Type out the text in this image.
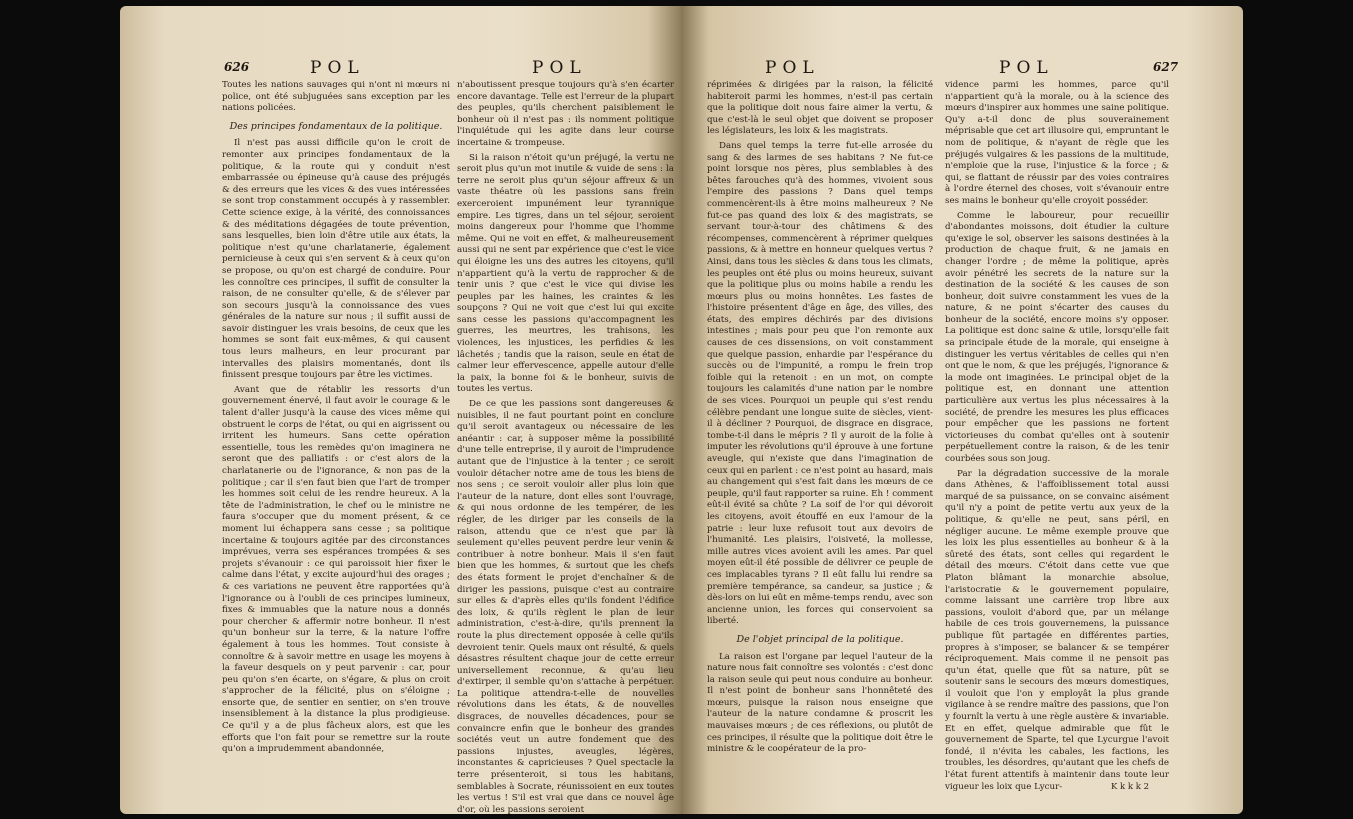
626	POL	POL

Toutes les nations sauvages qui n'ont ni mœurs ni police, ont été subjuguées sans exception par les nations policées.

Des principes fondamentaux de la politique.

Il n'est pas aussi difficile qu'on le croit de remonter aux principes fondamentaux de la politique, & la route qui y conduit n'est embarrassée ou épineuse qu'à cause des préjugés & des erreurs que les vices & des vues intéressées se sont trop constamment occupés à y rassembler. Cette science exige, à la vérité, des connoissances & des méditations dégagées de toute prévention, sans lesquelles, bien loin d'être utile aux états, la politique n'est qu'une charlatanerie, également pernicieuse à ceux qui s'en servent & à ceux qu'on se propose, ou qu'on est chargé de conduire. Pour les connoître ces principes, il suffit de consulter la raison, de ne consulter qu'elle, & de s'élever par son secours jusqu'à la connoissance des vues générales de la nature sur nous ; il suffit aussi de savoir distinguer les vrais besoins, de ceux que les hommes se sont fait eux-mêmes, & qui causent tous leurs malheurs, en leur procurant par intervalles des plaisirs momentanés, dont ils finissent presque toujours par être les victimes.

Avant que de rétablir les ressorts d'un gouvernement énervé, il faut avoir le courage & le talent d'aller jusqu'à la cause des vices même qui obstruent le corps de l'état, ou qui en aigrissent ou irritent les humeurs. Sans cette opération essentielle, tous les remèdes qu'on imaginera ne seront que des palliatifs : or c'est alors de la charlatanerie ou de l'ignorance, & non pas de la politique ; car il s'en faut bien que l'art de tromper les hommes soit celui de les rendre heureux. A la tête de l'administration, le chef ou le ministre ne faura s'occuper que du moment présent, & ce moment lui échappera sans cesse ; sa politique incertaine & toujours agitée par des circonstances imprévues, verra ses espérances trompées & ses projets s'évanouir : ce qui paroissoit hier fixer le calme dans l'état, y excite aujourd'hui des orages ; & ces variations ne peuvent être rapportées qu'à l'ignorance ou à l'oubli de ces principes lumineux, fixes & immuables que la nature nous a donnés pour chercher & affermir notre bonheur. Il n'est qu'un bonheur sur la terre, & la nature l'offre également à tous les hommes. Tout consiste à connoître & à savoir mettre en usage les moyens à la faveur desquels on y peut parvenir : car, pour peu qu'on s'en écarte, on s'égare, & plus on croit s'approcher de la félicité, plus on s'éloigne ; ensorte que, de sentier en sentier, on s'en trouve insensiblement à la distance la plus prodigieuse. Ce qu'il y a de plus fâcheux alors, est que les efforts que l'on fait pour se remettre sur la route qu'on a imprudemment abandonnée,

n'aboutissent presque toujours qu'à s'en écarter encore davantage. Telle est l'erreur de la plupart des peuples, qu'ils cherchent paisiblement le bonheur où il n'est pas : ils nomment politique l'inquiétude qui les agite dans leur course incertaine & trompeuse.

Si la raison n'étoit qu'un préjugé, la vertu ne seroit plus qu'un mot inutile & vuide de sens : la terre ne seroit plus qu'un séjour affreux & un vaste théatre où les passions sans frein exerceroient impunément leur tyrannique empire. Les tigres, dans un tel séjour, seroient moins dangereux pour l'homme que l'homme même. Qui ne voit en effet, & malheureusement aussi qui ne sent par expérience que c'est le vice qui éloigne les uns des autres les citoyens, qu'il n'appartient qu'à la vertu de rapprocher & de tenir unis ? que c'est le vice qui divise les peuples par les haines, les craintes & les soupçons ? Qui ne voit que c'est lui qui excite sans cesse les passions qu'accompagnent les guerres, les meurtres, les trahisons, les violences, les injustices, les perfidies & les lâchetés ; tandis que la raison, seule en état de calmer leur effervescence, appelle autour d'elle la paix, la bonne foi & le bonheur, suivis de toutes les vertus.

De ce que les passions sont dangereuses & nuisibles, il ne faut pourtant point en conclure qu'il seroit avantageux ou nécessaire de les anéantir : car, à supposer même la possibilité d'une telle entreprise, il y auroit de l'imprudence autant que de l'injustice à la tenter ; ce seroit vouloir détacher notre ame de tous les biens de nos sens ; ce seroit vouloir aller plus loin que l'auteur de la nature, dont elles sont l'ouvrage, & qui nous ordonne de les tempérer, de les régler, de les diriger par les conseils de la raison, attendu que ce n'est que par là seulement qu'elles peuvent perdre leur venin & contribuer à notre bonheur. Mais il s'en faut bien que les hommes, & surtout que les chefs des états forment le projet d'enchaîner & de diriger les passions, puisque c'est au contraire sur elles & d'après elles qu'ils fondent l'édifice des loix, & qu'ils règlent le plan de leur administration, c'est-à-dire, qu'ils prennent la route la plus directement opposée à celle qu'ils devroient tenir. Quels maux ont résulté, & quels désastres résultent chaque jour de cette erreur universellement reconnue, & qu'au lieu d'extirper, il semble qu'on s'attache à perpétuer. La politique attendra-t-elle de nouvelles révolutions dans les états, & de nouvelles disgraces, de nouvelles décadences, pour se convaincre enfin que le bonheur des grandes sociétés veut un autre fondement que des passions injustes, aveugles, légères, inconstantes & capricieuses ? Quel spectacle la terre présenteroit, si tous les habitans, semblables à Socrate, réunissoient en eux toutes les vertus ! S'il est vrai que dans ce nouvel âge d'or, où les passions seroient

POL	POL	627

réprimées & dirigées par la raison, la félicité habiteroit parmi les hommes, n'est-il pas certain que la politique doit nous faire aimer la vertu, & que c'est-là le seul objet que doivent se proposer les législateurs, les loix & les magistrats.

Dans quel temps la terre fut-elle arrosée du sang & des larmes de ses habitans ? Ne fut-ce point lorsque nos pères, plus semblables à des bêtes farouches qu'à des hommes, vivoient sous l'empire des passions ? Dans quel temps commencèrent-ils à être moins malheureux ? Ne fut-ce pas quand des loix & des magistrats, se servant tour-à-tour des châtimens & des récompenses, commencèrent à réprimer quelques passions, & à mettre en honneur quelques vertus ? Ainsi, dans tous les siècles & dans tous les climats, les peuples ont été plus ou moins heureux, suivant que la politique plus ou moins habile a rendu les mœurs plus ou moins honnêtes. Les fastes de l'histoire présentent d'âge en âge, des villes, des états, des empires déchirés par des divisions intestines ; mais pour peu que l'on remonte aux causes de ces dissensions, on voit constamment que quelque passion, enhardie par l'espérance du succès ou de l'impunité, a rompu le frein trop foible qui la retenoit : en un mot, on compte toujours les calamités d'une nation par le nombre de ses vices. Pourquoi un peuple qui s'est rendu célèbre pendant une longue suite de siècles, vient-il à décliner ? Pourquoi, de disgrace en disgrace, tombe-t-il dans le mépris ? Il y auroit de la folie à imputer les révolutions qu'il éprouve à une fortune aveugle, qui n'existe que dans l'imagination de ceux qui en parlent : ce n'est point au hasard, mais au changement qui s'est fait dans les mœurs de ce peuple, qu'il faut rapporter sa ruine. Eh ! comment eût-il évité sa chûte ? La soif de l'or qui dévoroit les citoyens, avoit étouffé en eux l'amour de la patrie : leur luxe refusoit tout aux devoirs de l'humanité. Les plaisirs, l'oisiveté, la mollesse, mille autres vices avoient avili les ames. Par quel moyen eût-il été possible de délivrer ce peuple de ces implacables tyrans ? Il eût fallu lui rendre sa première tempérance, sa candeur, sa justice ; & dès-lors on lui eût en même-temps rendu, avec son ancienne union, les forces qui conservoient sa liberté.

De l'objet principal de la politique.

La raison est l'organe par lequel l'auteur de la nature nous fait connoître ses volontés : c'est donc la raison seule qui peut nous conduire au bonheur. Il n'est point de bonheur sans l'honnêteté des mœurs, puisque la raison nous enseigne que l'auteur de la nature condamne & proscrit les mauvaises mœurs ; de ces réflexions, ou plutôt de ces principes, il résulte que la politique doit être le ministre & le coopérateur de la pro-

vidence parmi les hommes, parce qu'il n'appartient qu'à la morale, ou à la science des mœurs d'inspirer aux hommes une saine politique. Qu'y a-t-il donc de plus souverainement méprisable que cet art illusoire qui, empruntant le nom de politique, & n'ayant de règle que les préjugés vulgaires & les passions de la multitude, n'emploie que la ruse, l'injustice & la force ; & qui, se flattant de réussir par des voies contraires à l'ordre éternel des choses, voit s'évanouir entre ses mains le bonheur qu'elle croyoit posséder.

Comme le laboureur, pour recueillir d'abondantes moissons, doit étudier la culture qu'exige le sol, observer les saisons destinées à la production de chaque fruit, & ne jamais en changer l'ordre ; de même la politique, après avoir pénétré les secrets de la nature sur la destination de la société & les causes de son bonheur, doit suivre constamment les vues de la nature, & ne point s'écarter des causes du bonheur de la société, encore moins s'y opposer. La politique est donc saine & utile, lorsqu'elle fait sa principale étude de la morale, qui enseigne à distinguer les vertus véritables de celles qui n'en ont que le nom, & que les préjugés, l'ignorance & la mode ont imaginées. Le principal objet de la politique est, en donnant une attention particulière aux vertus les plus nécessaires à la société, de prendre les mesures les plus efficaces pour empêcher que les passions ne fortent victorieuses du combat qu'elles ont à soutenir perpétuellement contre la raison, & de les tenir courbées sous son joug.

Par la dégradation successive de la morale dans Athènes, & l'affoiblissement total aussi marqué de sa puissance, on se convainc aisément qu'il n'y a point de petite vertu aux yeux de la politique, & qu'elle ne peut, sans péril, en négliger aucune. Le même exemple prouve que les loix les plus essentielles au bonheur & à la sûreté des états, sont celles qui regardent le détail des mœurs. C'étoit dans cette vue que Platon blâmant la monarchie absolue, l'aristocratie & le gouvernement populaire, comme laissant une carrière trop libre aux passions, vouloit d'abord que, par un mélange habile de ces trois gouvernemens, la puissance publique fût partagée en différentes parties, propres à s'imposer, se balancer & se tempérer réciproquement. Mais comme il ne pensoit pas qu'un état, quelle que fût sa nature, pût se soutenir sans le secours des mœurs domestiques, il vouloit que l'on y employât la plus grande vigilance à se rendre maître des passions, que l'on y fournît la vertu à une règle austère & invariable. Et en effet, quelque admirable que fût le gouvernement de Sparte, tel que Lycurgue l'avoit fondé, il n'évita les cabales, les factions, les troubles, les désordres, qu'autant que les chefs de l'état furent attentifs à maintenir dans toute leur vigueur les loix que Lycur-	K k k k 2
